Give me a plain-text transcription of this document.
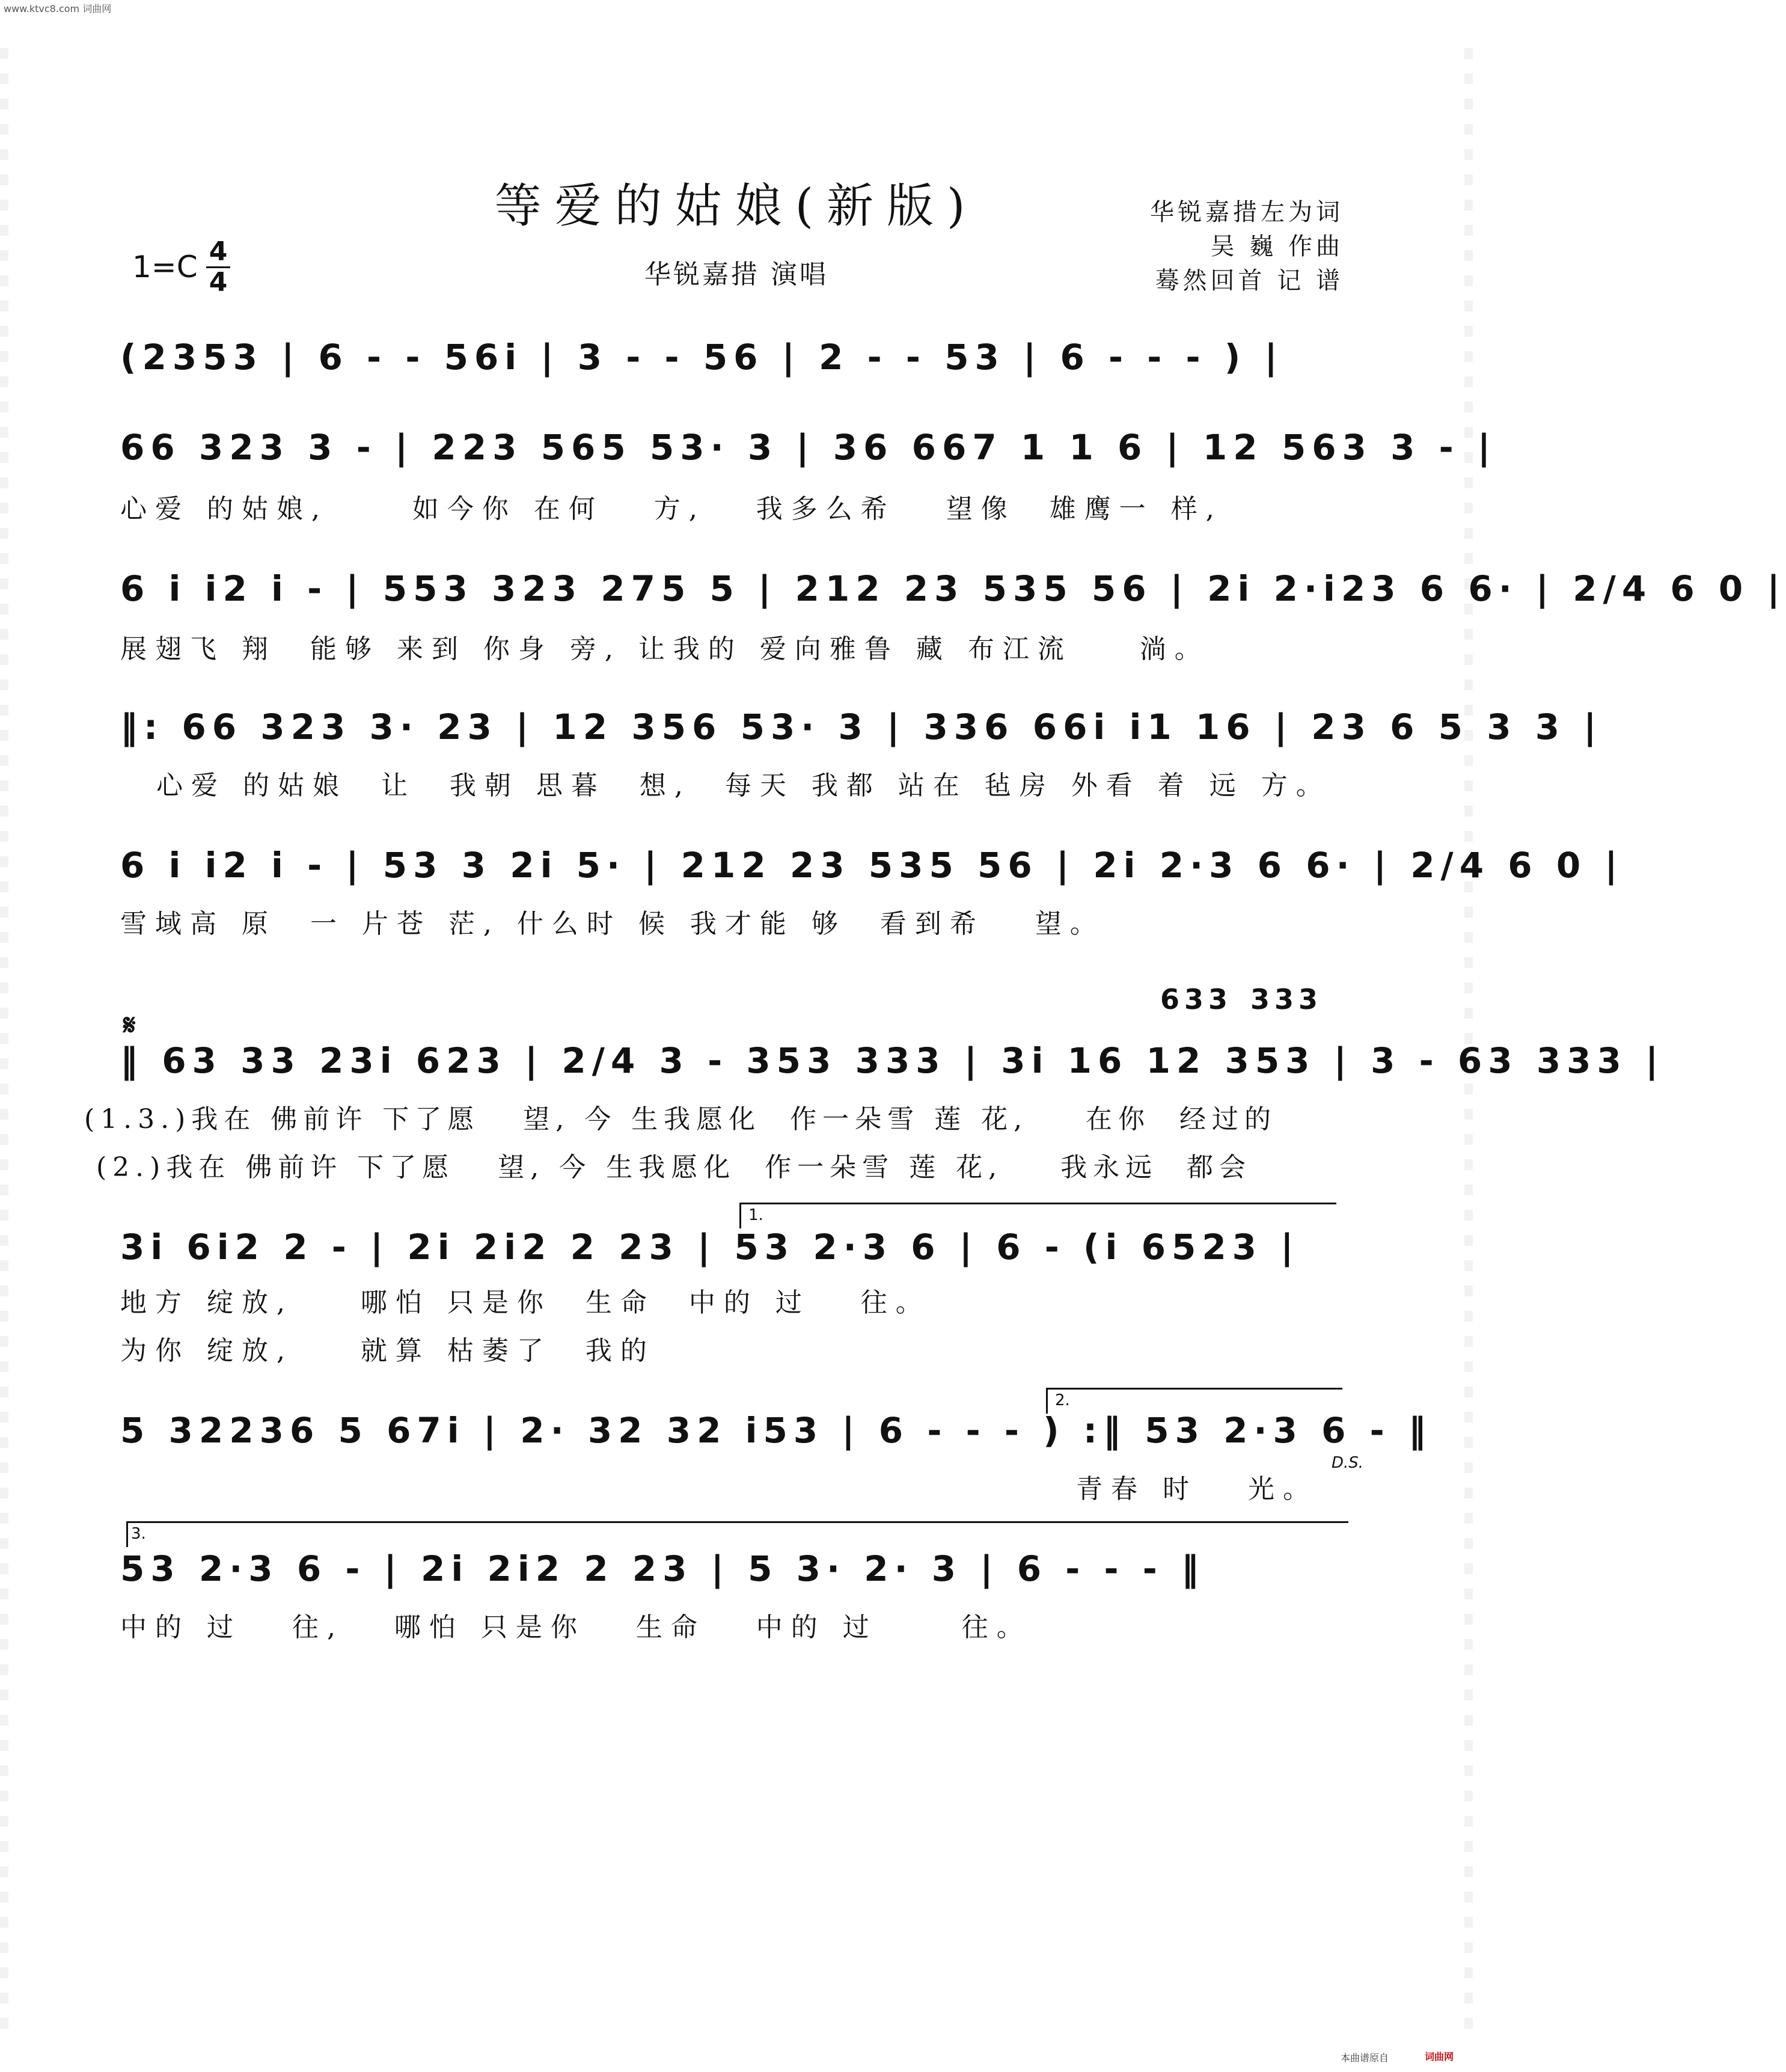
www.ktvc8.com 词曲网
等爱的姑娘(新版)
华锐嘉措 演唱
华锐嘉措左为词
吴 巍 作曲
蓦然回首 记 谱
1=C 4
4
(2353 | 6 - - 56i | 3 - - 56 | 2 - - 53 | 6 - - - ) |
66 323 3 - | 223 565 53· 3 | 36 667 1 1 6 | 12 563 3 - |
心爱 的姑娘,     如今你 在何   方,   我多么希   望像  雄鹰一 样,
6 i i2 i - | 553 323 275 5 | 212 23 535 56 | 2i 2·i23 6 6· | 2/4 6 0 |
展翅飞 翔  能够 来到 你身 旁, 让我的 爱向雅鲁 藏 布江流    淌。
‖: 66 323 3· 23 | 12 356 53· 3 | 336 66i i1 16 | 23 6 5 3 3 |
心爱 的姑娘  让  我朝 思暮  想,  每天 我都 站在 毡房 外看 着 远 方。
6 i i2 i - | 53 3 2i 5· | 212 23 535 56 | 2i 2·3 6 6· | 2/4 6 0 |
雪域高 原  一 片苍 茫, 什么时 候 我才能 够  看到希   望。
633 333
𝄋
‖ 63 33 23i 623 | 2/4 3 - 353 333 | 3i 16 12 353 | 3 - 63 333 |
(1.3.)我在 佛前许 下了愿   望, 今 生我愿化  作一朵雪 莲 花,    在你  经过的
(2.)我在 佛前许 下了愿   望, 今 生我愿化  作一朵雪 莲 花,    我永远  都会
1.
3i 6i2 2 - | 2i 2i2 2 23 | 53 2·3 6 | 6 - (i 6523 |
地方 绽放,    哪怕 只是你  生命  中的 过   往。
为你 绽放,    就算 枯萎了  我的
2.
5 32236 5 67i | 2· 32 32 i53 | 6 - - - ) :‖ 53 2·3 6 - ‖
D.S.
青春 时   光。
3.
53 2·3 6 - | 2i 2i2 2 23 | 5 3· 2· 3 | 6 - - - ‖
中的 过   往,   哪怕 只是你   生命   中的 过     往。
本曲谱原自	词曲网
